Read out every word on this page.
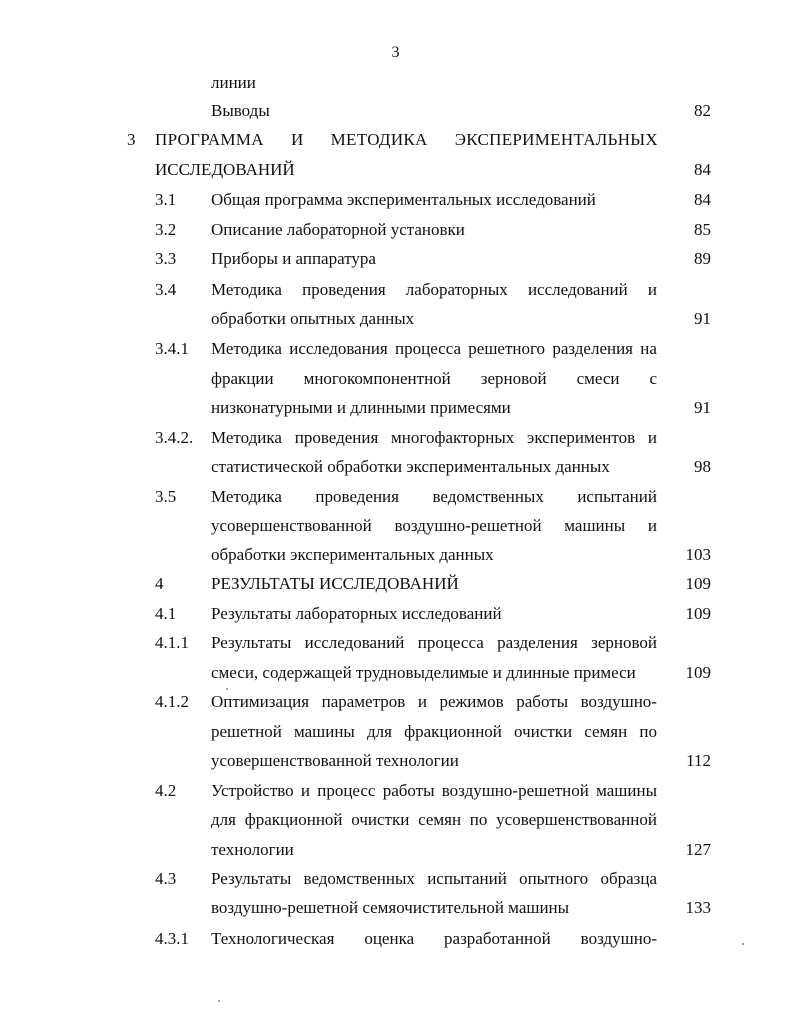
3
линии
Выводы	82
3 ПРОГРАММА И МЕТОДИКА ЭКСПЕРИМЕНТАЛЬНЫХ
ИССЛЕДОВАНИЙ	84
3.1 Общая программа экспериментальных исследований	84
3.2 Описание лабораторной установки	85
3.3 Приборы и аппаратура	89
3.4 Методика проведения лабораторных исследований и
обработки опытных данных	91
3.4.1 Методика исследования процесса решетного разделения на
фракции многокомпонентной зерновой смеси с
низконатурными и длинными примесями	91
3.4.2. Методика проведения многофакторных экспериментов и
статистической обработки экспериментальных данных	98
3.5 Методика проведения ведомственных испытаний
усовершенствованной воздушно-решетной машины и
обработки экспериментальных данных	103
4	РЕЗУЛЬТАТЫ ИССЛЕДОВАНИЙ	109
4.1 Результаты лабораторных исследований	109
4.1.1 Результаты исследований процесса разделения зерновой
смеси, содержащей трудновыделимые и длинные примеси	109
4.1.2 Оптимизация параметров и режимов работы воздушно-
решетной машины для фракционной очистки семян по
усовершенствованной технологии	112
4.2 Устройство и процесс работы воздушно-решетной машины
для фракционной очистки семян по усовершенствованной
технологии	127
4.3 Результаты ведомственных испытаний опытного образца
воздушно-решетной семяочистительной машины	133
4.3.1 Технологическая оценка разработанной воздушно-
